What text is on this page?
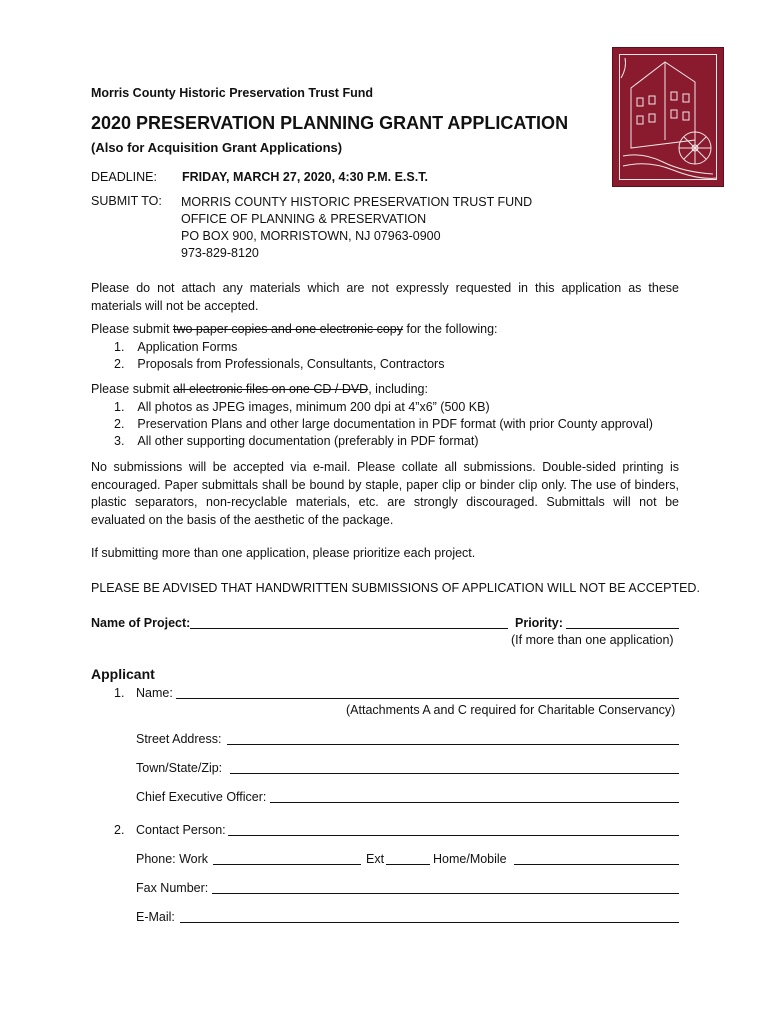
Morris County Historic Preservation Trust Fund
2020 PRESERVATION PLANNING GRANT APPLICATION
(Also for Acquisition Grant Applications)
DEADLINE: FRIDAY, MARCH 27, 2020, 4:30 P.M. E.S.T.
SUBMIT TO: MORRIS COUNTY HISTORIC PRESERVATION TRUST FUND
OFFICE OF PLANNING & PRESERVATION
PO BOX 900, MORRISTOWN, NJ 07963-0900
973-829-8120
Please do not attach any materials which are not expressly requested in this application as these materials will not be accepted.
Please submit two paper copies and one electronic copy for the following:
1.  Application Forms
2.  Proposals from Professionals, Consultants, Contractors
Please submit all electronic files on one CD / DVD, including:
1.  All photos as JPEG images, minimum 200 dpi at 4”x6” (500 KB)
2.  Preservation Plans and other large documentation in PDF format (with prior County approval)
3.  All other supporting documentation (preferably in PDF format)
No submissions will be accepted via e-mail. Please collate all submissions. Double-sided printing is encouraged. Paper submittals shall be bound by staple, paper clip or binder clip only. The use of binders, plastic separators, non-recyclable materials, etc. are strongly discouraged. Submittals will not be evaluated on the basis of the aesthetic of the package.
If submitting more than one application, please prioritize each project.
PLEASE BE ADVISED THAT HANDWRITTEN SUBMISSIONS OF APPLICATION WILL NOT BE ACCEPTED.
Name of Project:	Priority:
(If more than one application)
Applicant
1. Name:
(Attachments A and C required for Charitable Conservancy)
Street Address:
Town/State/Zip:
Chief Executive Officer:
2. Contact Person:
Phone: Work	Ext	Home/Mobile
Fax Number:
E-Mail:
